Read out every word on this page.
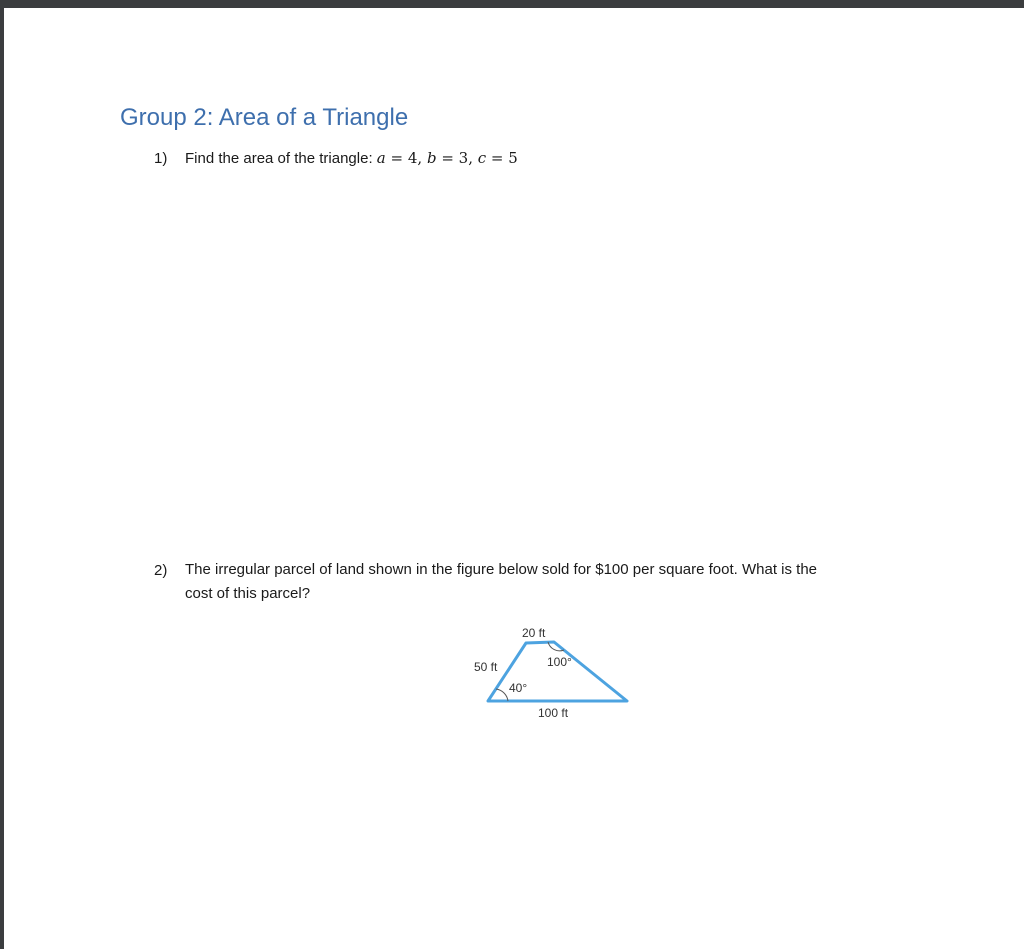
Group 2: Area of a Triangle
1) Find the area of the triangle: a = 4, b = 3, c = 5
2) The irregular parcel of land shown in the figure below sold for $100 per square foot. What is the
cost of this parcel?
20 ft
50 ft	100°
40°
100 ft
